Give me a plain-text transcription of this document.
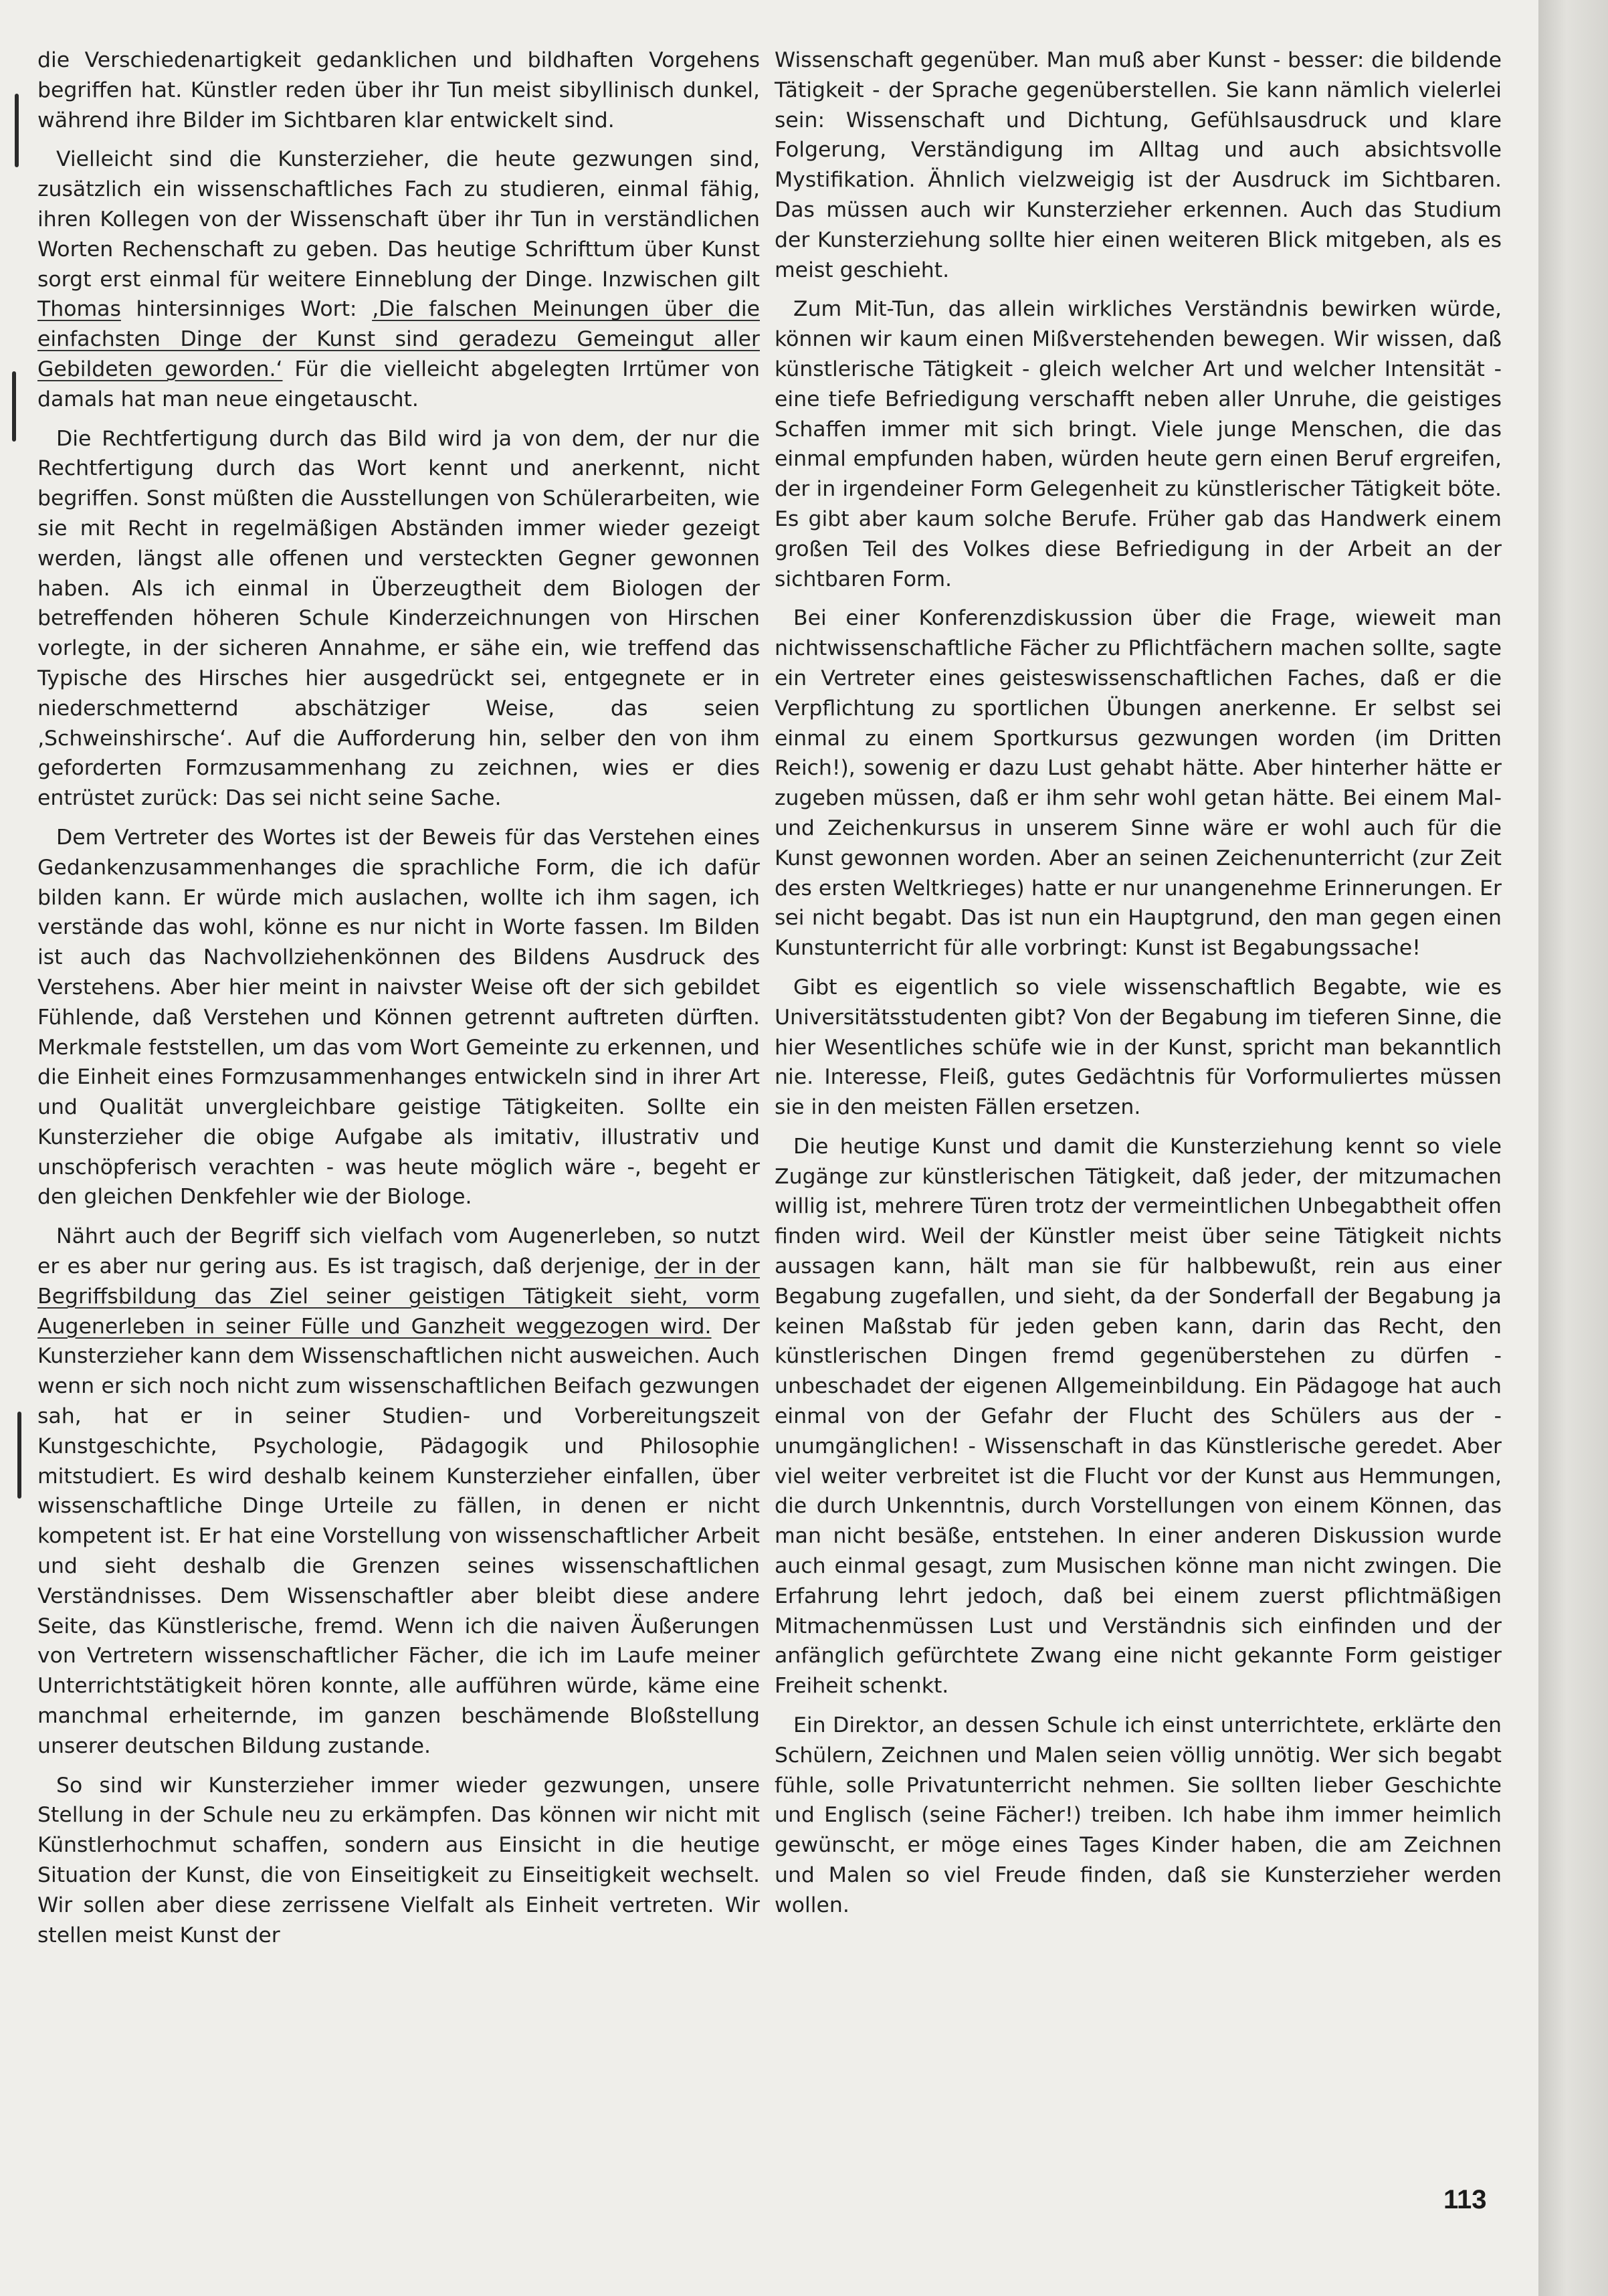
die Verschiedenartigkeit gedanklichen und bildhaften Vorgehens begriffen hat. Künstler reden über ihr Tun meist sibyllinisch dunkel, während ihre Bilder im Sichtbaren klar entwickelt sind.

Vielleicht sind die Kunsterzieher, die heute gezwungen sind, zusätzlich ein wissenschaftliches Fach zu studieren, einmal fähig, ihren Kollegen von der Wissenschaft über ihr Tun in verständlichen Worten Rechenschaft zu geben. Das heutige Schrifttum über Kunst sorgt erst einmal für weitere Einneblung der Dinge. Inzwischen gilt Thomas hintersinniges Wort: ‚Die falschen Meinungen über die einfachsten Dinge der Kunst sind geradezu Gemeingut aller Gebildeten geworden.‘ Für die vielleicht abgelegten Irrtümer von damals hat man neue eingetauscht.

Die Rechtfertigung durch das Bild wird ja von dem, der nur die Rechtfertigung durch das Wort kennt und anerkennt, nicht begriffen. Sonst müßten die Ausstellungen von Schülerarbeiten, wie sie mit Recht in regelmäßigen Abständen immer wieder gezeigt werden, längst alle offenen und versteckten Gegner gewonnen haben. Als ich einmal in Überzeugtheit dem Biologen der betreffenden höheren Schule Kinderzeichnungen von Hirschen vorlegte, in der sicheren Annahme, er sähe ein, wie treffend das Typische des Hirsches hier ausgedrückt sei, entgegnete er in niederschmetternd abschätziger Weise, das seien ‚Schweinshirsche‘. Auf die Aufforderung hin, selber den von ihm geforderten Formzusammenhang zu zeichnen, wies er dies entrüstet zurück: Das sei nicht seine Sache.

Dem Vertreter des Wortes ist der Beweis für das Verstehen eines Gedankenzusammenhanges die sprachliche Form, die ich dafür bilden kann. Er würde mich auslachen, wollte ich ihm sagen, ich verstände das wohl, könne es nur nicht in Worte fassen. Im Bilden ist auch das Nachvollziehenkönnen des Bildens Ausdruck des Verstehens. Aber hier meint in naivster Weise oft der sich gebildet Fühlende, daß Verstehen und Können getrennt auftreten dürften. Merkmale feststellen, um das vom Wort Gemeinte zu erkennen, und die Einheit eines Formzusammenhanges entwickeln sind in ihrer Art und Qualität unvergleichbare geistige Tätigkeiten. Sollte ein Kunsterzieher die obige Aufgabe als imitativ, illustrativ und unschöpferisch verachten - was heute möglich wäre -, begeht er den gleichen Denkfehler wie der Biologe.

Nährt auch der Begriff sich vielfach vom Augenerleben, so nutzt er es aber nur gering aus. Es ist tragisch, daß derjenige, der in der Begriffsbildung das Ziel seiner geistigen Tätigkeit sieht, vorm Augenerleben in seiner Fülle und Ganzheit weggezogen wird. Der Kunsterzieher kann dem Wissenschaftlichen nicht ausweichen. Auch wenn er sich noch nicht zum wissenschaftlichen Beifach gezwungen sah, hat er in seiner Studien- und Vorbereitungszeit Kunstgeschichte, Psychologie, Pädagogik und Philosophie mitstudiert. Es wird deshalb keinem Kunsterzieher einfallen, über wissenschaftliche Dinge Urteile zu fällen, in denen er nicht kompetent ist. Er hat eine Vorstellung von wissenschaftlicher Arbeit und sieht deshalb die Grenzen seines wissenschaftlichen Verständnisses. Dem Wissenschaftler aber bleibt diese andere Seite, das Künstlerische, fremd. Wenn ich die naiven Äußerungen von Vertretern wissenschaftlicher Fächer, die ich im Laufe meiner Unterrichtstätigkeit hören konnte, alle aufführen würde, käme eine manchmal erheiternde, im ganzen beschämende Bloßstellung unserer deutschen Bildung zustande.

So sind wir Kunsterzieher immer wieder gezwungen, unsere Stellung in der Schule neu zu erkämpfen. Das können wir nicht mit Künstlerhochmut schaffen, sondern aus Einsicht in die heutige Situation der Kunst, die von Einseitigkeit zu Einseitigkeit wechselt. Wir sollen aber diese zerrissene Vielfalt als Einheit vertreten. Wir stellen meist Kunst der

Wissenschaft gegenüber. Man muß aber Kunst - besser: die bildende Tätigkeit - der Sprache gegenüberstellen. Sie kann nämlich vielerlei sein: Wissenschaft und Dichtung, Gefühlsausdruck und klare Folgerung, Verständigung im Alltag und auch absichtsvolle Mystifikation. Ähnlich vielzweigig ist der Ausdruck im Sichtbaren. Das müssen auch wir Kunsterzieher erkennen. Auch das Studium der Kunsterziehung sollte hier einen weiteren Blick mitgeben, als es meist geschieht.

Zum Mit-Tun, das allein wirkliches Verständnis bewirken würde, können wir kaum einen Mißverstehenden bewegen. Wir wissen, daß künstlerische Tätigkeit - gleich welcher Art und welcher Intensität - eine tiefe Befriedigung verschafft neben aller Unruhe, die geistiges Schaffen immer mit sich bringt. Viele junge Menschen, die das einmal empfunden haben, würden heute gern einen Beruf ergreifen, der in irgendeiner Form Gelegenheit zu künstlerischer Tätigkeit böte. Es gibt aber kaum solche Berufe. Früher gab das Handwerk einem großen Teil des Volkes diese Befriedigung in der Arbeit an der sichtbaren Form.

Bei einer Konferenzdiskussion über die Frage, wieweit man nichtwissenschaftliche Fächer zu Pflichtfächern machen sollte, sagte ein Vertreter eines geisteswissenschaftlichen Faches, daß er die Verpflichtung zu sportlichen Übungen anerkenne. Er selbst sei einmal zu einem Sportkursus gezwungen worden (im Dritten Reich!), sowenig er dazu Lust gehabt hätte. Aber hinterher hätte er zugeben müssen, daß er ihm sehr wohl getan hätte. Bei einem Mal- und Zeichenkursus in unserem Sinne wäre er wohl auch für die Kunst gewonnen worden. Aber an seinen Zeichenunterricht (zur Zeit des ersten Weltkrieges) hatte er nur unangenehme Erinnerungen. Er sei nicht begabt. Das ist nun ein Hauptgrund, den man gegen einen Kunstunterricht für alle vorbringt: Kunst ist Begabungssache!

Gibt es eigentlich so viele wissenschaftlich Begabte, wie es Universitätsstudenten gibt? Von der Begabung im tieferen Sinne, die hier Wesentliches schüfe wie in der Kunst, spricht man bekanntlich nie. Interesse, Fleiß, gutes Gedächtnis für Vorformuliertes müssen sie in den meisten Fällen ersetzen.

Die heutige Kunst und damit die Kunsterziehung kennt so viele Zugänge zur künstlerischen Tätigkeit, daß jeder, der mitzumachen willig ist, mehrere Türen trotz der vermeintlichen Unbegabtheit offen finden wird. Weil der Künstler meist über seine Tätigkeit nichts aussagen kann, hält man sie für halbbewußt, rein aus einer Begabung zugefallen, und sieht, da der Sonderfall der Begabung ja keinen Maßstab für jeden geben kann, darin das Recht, den künstlerischen Dingen fremd gegenüberstehen zu dürfen - unbeschadet der eigenen Allgemeinbildung. Ein Pädagoge hat auch einmal von der Gefahr der Flucht des Schülers aus der - unumgänglichen! - Wissenschaft in das Künstlerische geredet. Aber viel weiter verbreitet ist die Flucht vor der Kunst aus Hemmungen, die durch Unkenntnis, durch Vorstellungen von einem Können, das man nicht besäße, entstehen. In einer anderen Diskussion wurde auch einmal gesagt, zum Musischen könne man nicht zwingen. Die Erfahrung lehrt jedoch, daß bei einem zuerst pflichtmäßigen Mitmachenmüssen Lust und Verständnis sich einfinden und der anfänglich gefürchtete Zwang eine nicht gekannte Form geistiger Freiheit schenkt.

Ein Direktor, an dessen Schule ich einst unterrichtete, erklärte den Schülern, Zeichnen und Malen seien völlig unnötig. Wer sich begabt fühle, solle Privatunterricht nehmen. Sie sollten lieber Geschichte und Englisch (seine Fächer!) treiben. Ich habe ihm immer heimlich gewünscht, er möge eines Tages Kinder haben, die am Zeichnen und Malen so viel Freude finden, daß sie Kunsterzieher werden wollen.

113
